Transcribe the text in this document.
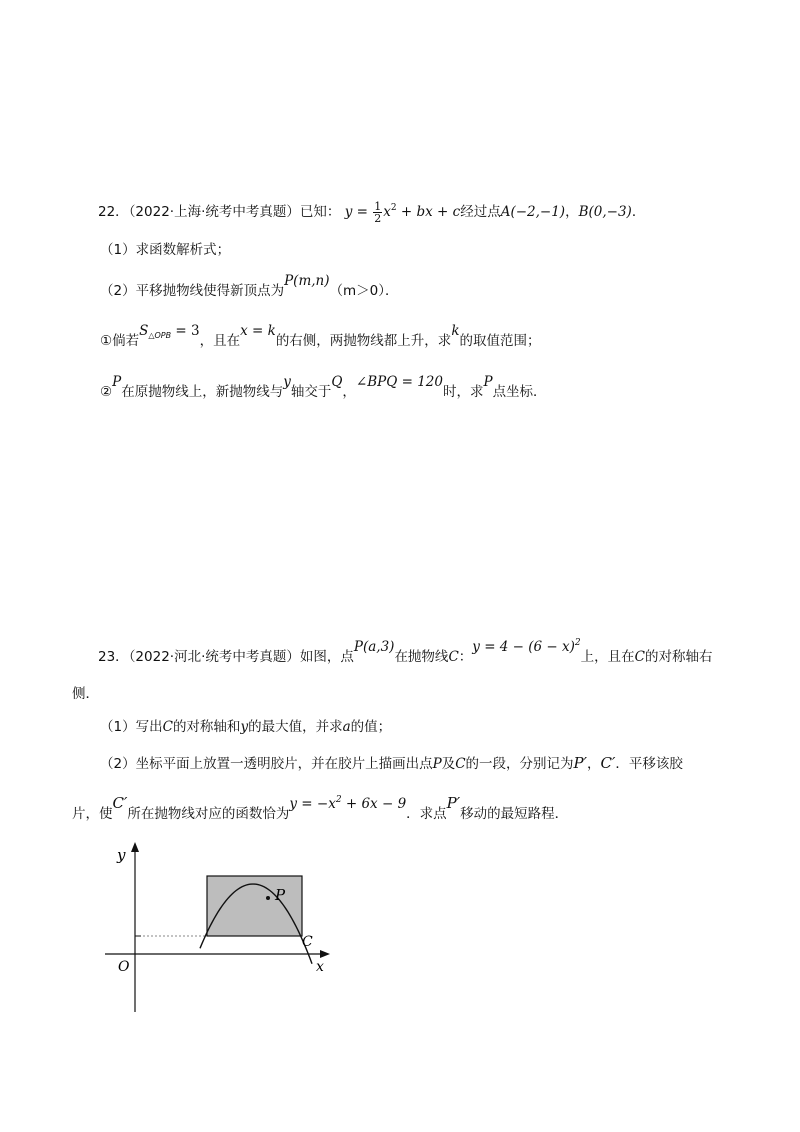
22．（2022·上海·统考中考真题）已知： $y = \frac{1}{2} x^2$ + bx + c经过点A(−2,−1)，B(0,−3)．
（1）求函数解析式；
（2）平移抛物线使得新顶点为P(m,n)（m＞0）．
①倘若$S_{\triangle OPB} = 3$，且在x = k的右侧，两抛物线都上升，求k的取值范围；
②P在原抛物线上，新抛物线与y轴交于Q，∠BPQ = 120时，求P点坐标．
23．（2022·河北·统考中考真题）如图，点P(a,3)在抛物线C：$y = 4 - (6 - x)^2$上，且在C的对称轴右
侧．
（1）写出C的对称轴和y的最大值，并求a的值；
（2）坐标平面上放置一透明胶片，并在胶片上描画出点P及C的一段，分别记为P′，C′．平移该胶
片，使C′所在抛物线对应的函数恰为$y = -x^2 + 6x - 9$．求点P′移动的最短路程．
y
x
O
P
C
